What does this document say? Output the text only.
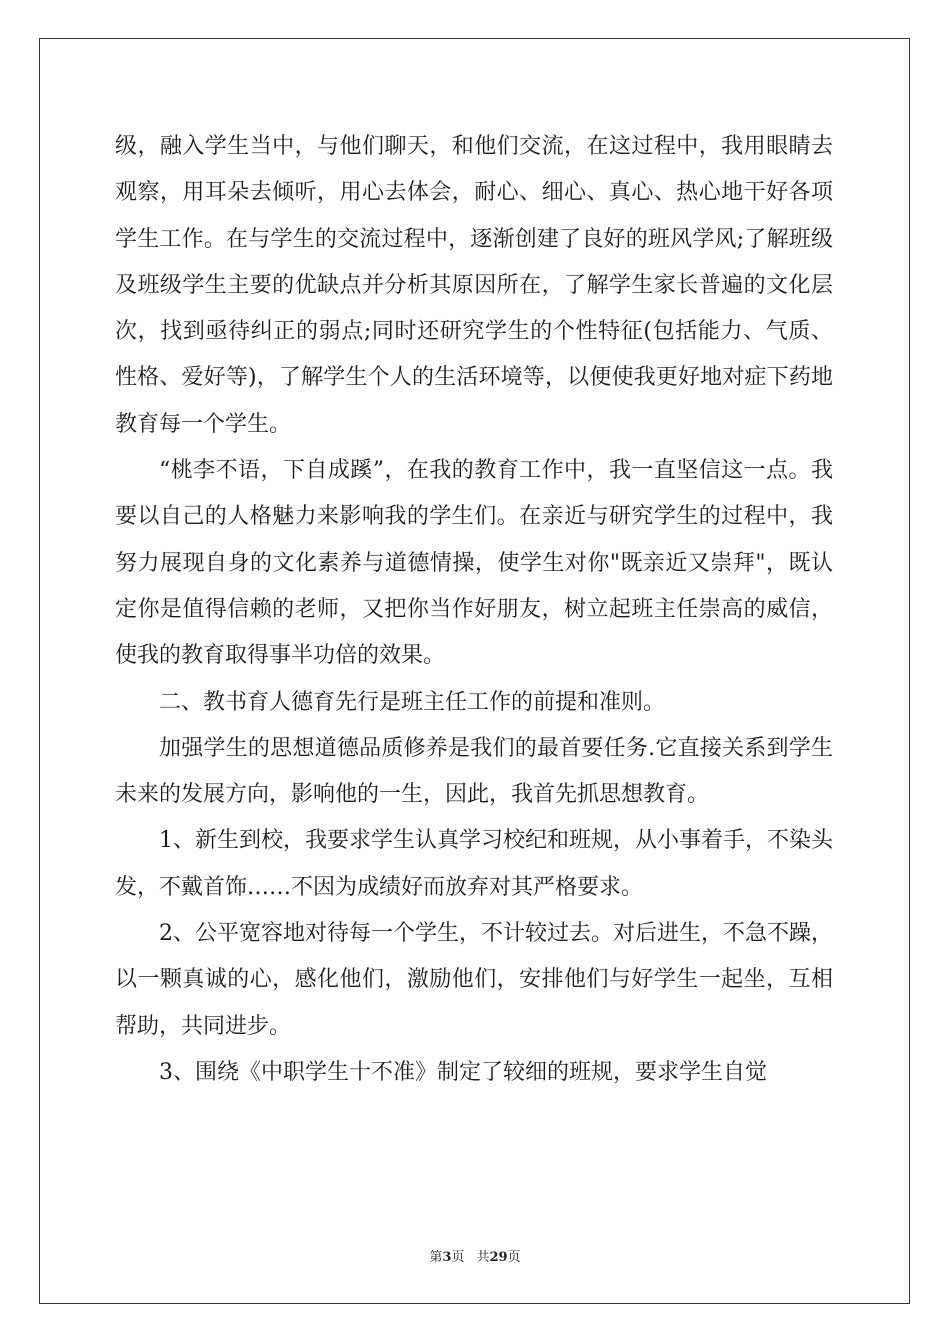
级，融入学生当中，与他们聊天，和他们交流，在这过程中，我用眼睛去观察，用耳朵去倾听，用心去体会，耐心、细心、真心、热心地干好各项学生工作。在与学生的交流过程中，逐渐创建了良好的班风学风;了解班级及班级学生主要的优缺点并分析其原因所在，了解学生家长普遍的文化层次，找到亟待纠正的弱点;同时还研究学生的个性特征(包括能力、气质、性格、爱好等)，了解学生个人的生活环境等，以便使我更好地对症下药地教育每一个学生。

“桃李不语，下自成蹊”，在我的教育工作中，我一直坚信这一点。我要以自己的人格魅力来影响我的学生们。在亲近与研究学生的过程中，我努力展现自身的文化素养与道德情操，使学生对你"既亲近又崇拜"，既认定你是值得信赖的老师，又把你当作好朋友，树立起班主任崇高的威信，使我的教育取得事半功倍的效果。

二、教书育人德育先行是班主任工作的前提和准则。

加强学生的思想道德品质修养是我们的最首要任务.它直接关系到学生未来的发展方向，影响他的一生，因此，我首先抓思想教育。

1、新生到校，我要求学生认真学习校纪和班规，从小事着手，不染头发，不戴首饰……不因为成绩好而放弃对其严格要求。

2、公平宽容地对待每一个学生，不计较过去。对后进生，不急不躁，以一颗真诚的心，感化他们，激励他们，安排他们与好学生一起坐，互相帮助，共同进步。

3、围绕《中职学生十不准》制定了较细的班规，要求学生自觉

第3页 共29页
